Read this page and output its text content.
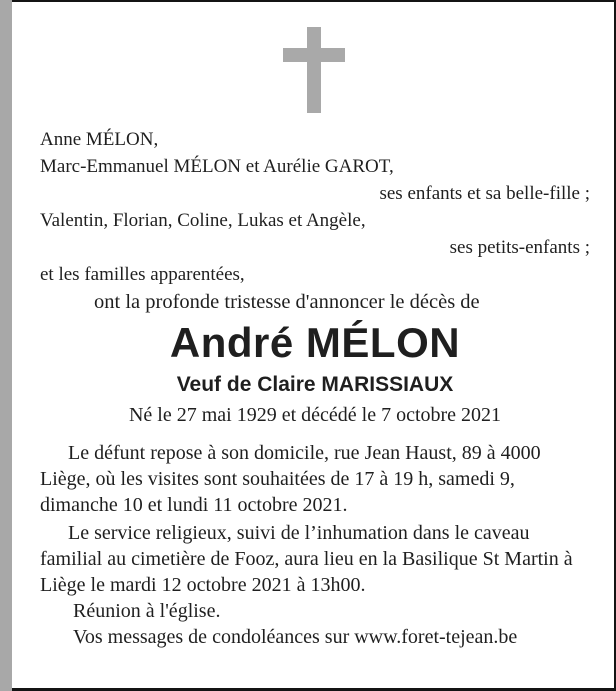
Anne MÉLON,
Marc-Emmanuel MÉLON et Aurélie GAROT,
ses enfants et sa belle-fille ;
Valentin, Florian, Coline, Lukas et Angèle,
ses petits-enfants ;
et les familles apparentées,
ont la profonde tristesse d'annoncer le décès de
André MÉLON
Veuf de Claire MARISSIAUX
Né le 27 mai 1929 et décédé le 7 octobre 2021

Le défunt repose à son domicile, rue Jean Haust, 89 à 4000 Liège, où les visites sont souhaitées de 17 à 19 h, samedi 9, dimanche 10 et lundi 11 octobre 2021.

Le service religieux, suivi de l’inhumation dans le caveau familial au cimetière de Fooz, aura lieu en la Basilique St Martin à Liège le mardi 12 octobre 2021 à 13h00.

Réunion à l'église.

Vos messages de condoléances sur www.foret-tejean.be
